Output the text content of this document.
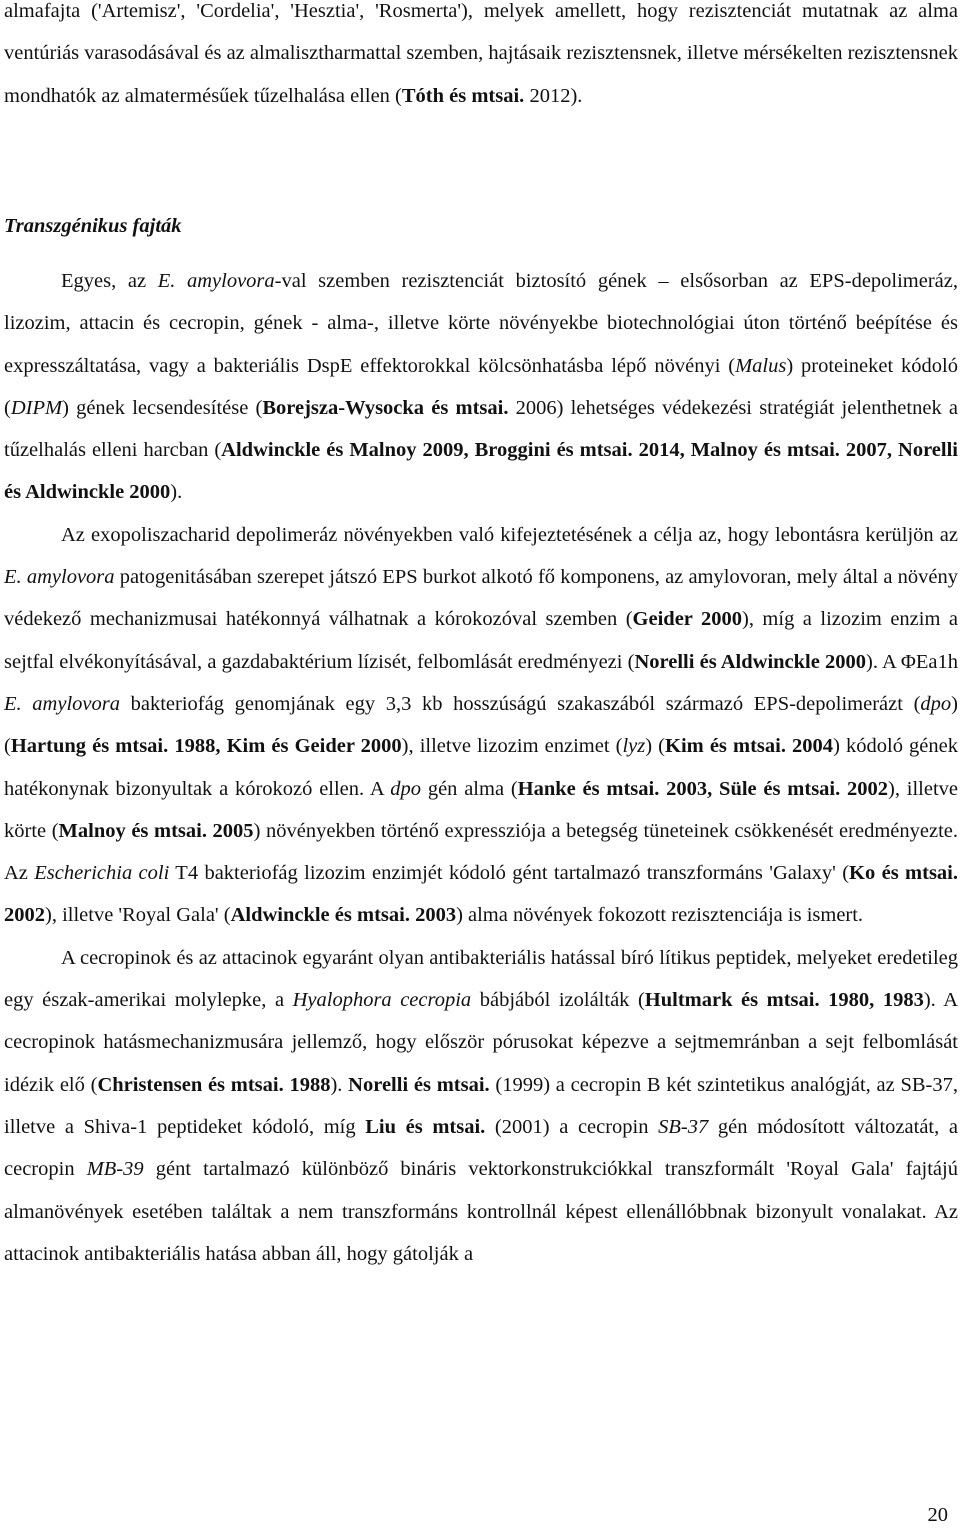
almafajta ('Artemisz', 'Cordelia', 'Hesztia', 'Rosmerta'), melyek amellett, hogy rezisztenciát mutatnak az alma ventúriás varasodásával és az almalisztharmattal szemben, hajtásaik rezisztensnek, illetve mérsékelten rezisztensnek mondhatók az almatermésűek tűzelhalása ellen (Tóth és mtsai. 2012).

Transzgénikus fajták

Egyes, az E. amylovora-val szemben rezisztenciát biztosító gének – elsősorban az EPS-depolimeráz, lizozim, attacin és cecropin, gének - alma-, illetve körte növényekbe biotechnológiai úton történő beépítése és expresszáltatása, vagy a bakteriális DspE effektorokkal kölcsönhatásba lépő növényi (Malus) proteineket kódoló (DIPM) gének lecsendesítése (Borejsza-Wysocka és mtsai. 2006) lehetséges védekezési stratégiát jelenthetnek a tűzelhalás elleni harcban (Aldwinckle és Malnoy 2009, Broggini és mtsai. 2014, Malnoy és mtsai. 2007, Norelli és Aldwinckle 2000).

Az exopoliszacharid depolimeráz növényekben való kifejeztetésének a célja az, hogy lebontásra kerüljön az E. amylovora patogenitásában szerepet játszó EPS burkot alkotó fő komponens, az amylovoran, mely által a növény védekező mechanizmusai hatékonnyá válhatnak a kórokozóval szemben (Geider 2000), míg a lizozim enzim a sejtfal elvékonyításával, a gazdabaktérium lízisét, felbomlását eredményezi (Norelli és Aldwinckle 2000). A ΦEa1h E. amylovora bakteriofág genomjának egy 3,3 kb hosszúságú szakaszából származó EPS-depolimerázt (dpo) (Hartung és mtsai. 1988, Kim és Geider 2000), illetve lizozim enzimet (lyz) (Kim és mtsai. 2004) kódoló gének hatékonynak bizonyultak a kórokozó ellen. A dpo gén alma (Hanke és mtsai. 2003, Süle és mtsai. 2002), illetve körte (Malnoy és mtsai. 2005) növényekben történő expressziója a betegség tüneteinek csökkenését eredményezte. Az Escherichia coli T4 bakteriofág lizozim enzimjét kódoló gént tartalmazó transzformáns 'Galaxy' (Ko és mtsai. 2002), illetve 'Royal Gala' (Aldwinckle és mtsai. 2003) alma növények fokozott rezisztenciája is ismert.

A cecropinok és az attacinok egyaránt olyan antibakteriális hatással bíró lítikus peptidek, melyeket eredetileg egy észak-amerikai molylepke, a Hyalophora cecropia bábjából izolálták (Hultmark és mtsai. 1980, 1983). A cecropinok hatásmechanizmusára jellemző, hogy először pórusokat képezve a sejtmemránban a sejt felbomlását idézik elő (Christensen és mtsai. 1988). Norelli és mtsai. (1999) a cecropin B két szintetikus analógját, az SB-37, illetve a Shiva-1 peptideket kódoló, míg Liu és mtsai. (2001) a cecropin SB-37 gén módosított változatát, a cecropin MB-39 gént tartalmazó különböző bináris vektorkonstrukciókkal transzformált 'Royal Gala' fajtájú almanövények esetében találtak a nem transzformáns kontrollnál képest ellenállóbbnak bizonyult vonalakat. Az attacinok antibakteriális hatása abban áll, hogy gátolják a

20
